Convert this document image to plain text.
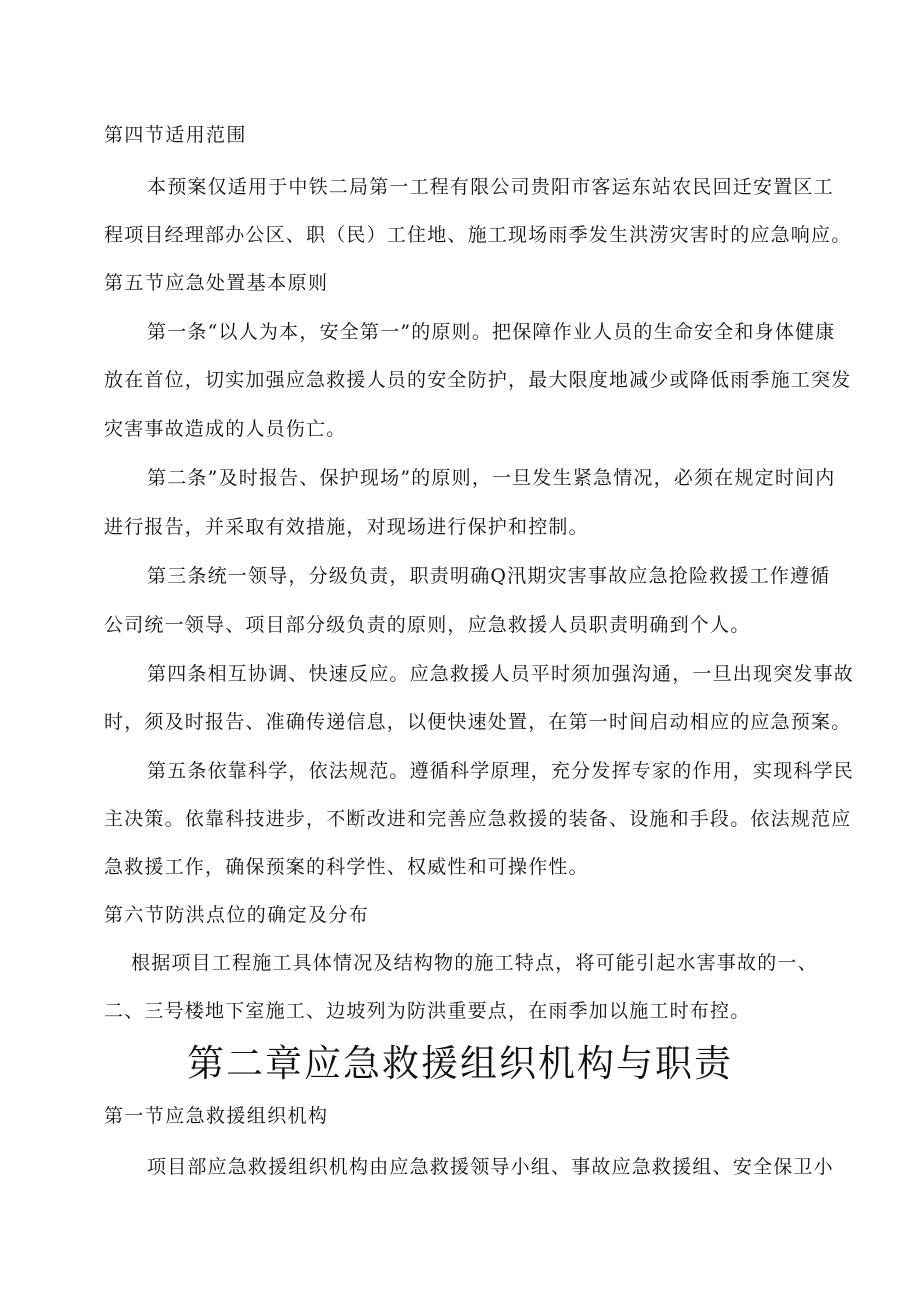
第四节适用范围
本预案仅适用于中铁二局第一工程有限公司贵阳市客运东站农民回迁安置区工
程项目经理部办公区、职（民）工住地、施工现场雨季发生洪涝灾害时的应急响应。
第五节应急处置基本原则
第一条“以人为本，安全第一”的原则。把保障作业人员的生命安全和身体健康
放在首位，切实加强应急救援人员的安全防护，最大限度地减少或降低雨季施工突发
灾害事故造成的人员伤亡。
第二条”及时报告、保护现场”的原则，一旦发生紧急情况，必须在规定时间内
进行报告，并采取有效措施，对现场进行保护和控制。
第三条统一领导，分级负责，职责明确Q汛期灾害事故应急抢险救援工作遵循
公司统一领导、项目部分级负责的原则，应急救援人员职责明确到个人。
第四条相互协调、快速反应。应急救援人员平时须加强沟通，一旦出现突发事故
时，须及时报告、准确传递信息，以便快速处置，在第一时间启动相应的应急预案。
第五条依靠科学，依法规范。遵循科学原理，充分发挥专家的作用，实现科学民
主决策。依靠科技进步，不断改进和完善应急救援的装备、设施和手段。依法规范应
急救援工作，确保预案的科学性、权威性和可操作性。
第六节防洪点位的确定及分布
根据项目工程施工具体情况及结构物的施工特点，将可能引起水害事故的一、
二、三号楼地下室施工、边坡列为防洪重要点，在雨季加以施工时布控。
第二章应急救援组织机构与职责
第一节应急救援组织机构
项目部应急救援组织机构由应急救援领导小组、事故应急救援组、安全保卫小
